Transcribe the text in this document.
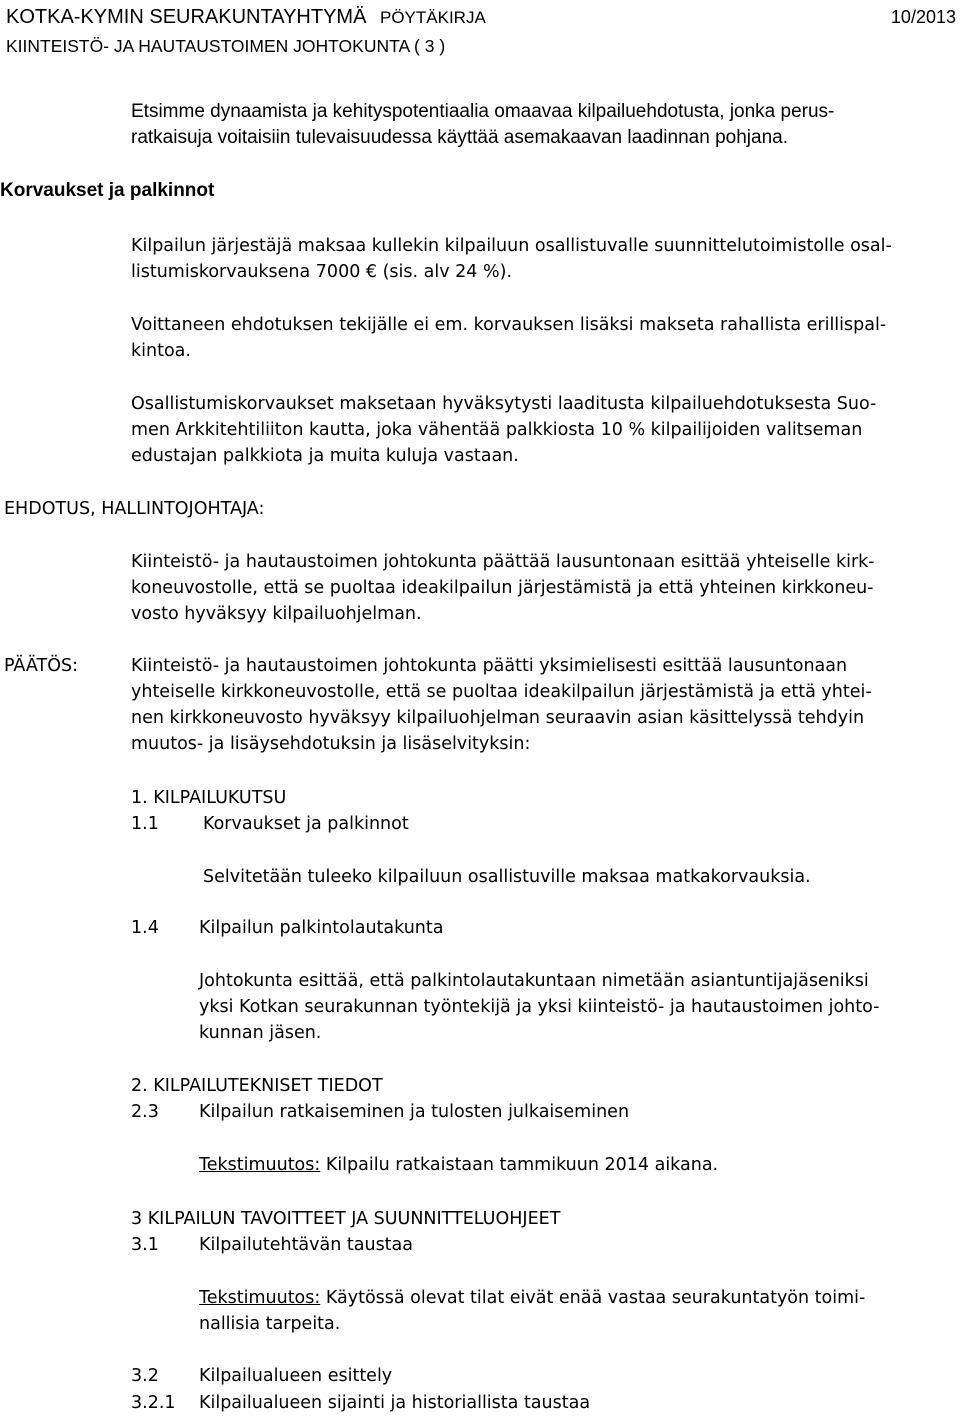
KOTKA-KYMIN SEURAKUNTAYHTYMÄ PÖYTÄKIRJA	10/2013
KIINTEISTÖ- JA HAUTAUSTOIMEN JOHTOKUNTA ( 3 )
Etsimme dynaamista ja kehityspotentiaalia omaavaa kilpailuehdotusta, jonka perus-
ratkaisuja voitaisiin tulevaisuudessa käyttää asemakaavan laadinnan pohjana.
Korvaukset ja palkinnot
Kilpailun järjestäjä maksaa kullekin kilpailuun osallistuvalle suunnittelutoimistolle osal-
listumiskorvauksena 7000 € (sis. alv 24 %).
Voittaneen ehdotuksen tekijälle ei em. korvauksen lisäksi makseta rahallista erillispal-
kintoa.
Osallistumiskorvaukset maksetaan hyväksytysti laaditusta kilpailuehdotuksesta Suo-
men Arkkitehtiliiton kautta, joka vähentää palkkiosta 10 % kilpailijoiden valitseman
edustajan palkkiota ja muita kuluja vastaan.
EHDOTUS, HALLINTOJOHTAJA:
Kiinteistö- ja hautaustoimen johtokunta päättää lausuntonaan esittää yhteiselle kirk-
koneuvostolle, että se puoltaa ideakilpailun järjestämistä ja että yhteinen kirkkoneu-
vosto hyväksyy kilpailuohjelman.
PÄÄTÖS:	Kiinteistö- ja hautaustoimen johtokunta päätti yksimielisesti esittää lausuntonaan
yhteiselle kirkkoneuvostolle, että se puoltaa ideakilpailun järjestämistä ja että yhtei-
nen kirkkoneuvosto hyväksyy kilpailuohjelman seuraavin asian käsittelyssä tehdyin
muutos- ja lisäysehdotuksin ja lisäselvityksin:
1. KILPAILUKUTSU
1.1	Korvaukset ja palkinnot
Selvitetään tuleeko kilpailuun osallistuville maksaa matkakorvauksia.
1.4 Kilpailun palkintolautakunta
Johtokunta esittää, että palkintolautakuntaan nimetään asiantuntijajäseniksi
yksi Kotkan seurakunnan työntekijä ja yksi kiinteistö- ja hautaustoimen johto-
kunnan jäsen.
2. KILPAILUTEKNISET TIEDOT
2.3 Kilpailun ratkaiseminen ja tulosten julkaiseminen
Tekstimuutos: Kilpailu ratkaistaan tammikuun 2014 aikana.
3 KILPAILUN TAVOITTEET JA SUUNNITTELUOHJEET
3.1 Kilpailutehtävän taustaa
Tekstimuutos: Käytössä olevat tilat eivät enää vastaa seurakuntatyön toimi-
nallisia tarpeita.
3.2 Kilpailualueen esittely
3.2.1 Kilpailualueen sijainti ja historiallista taustaa
